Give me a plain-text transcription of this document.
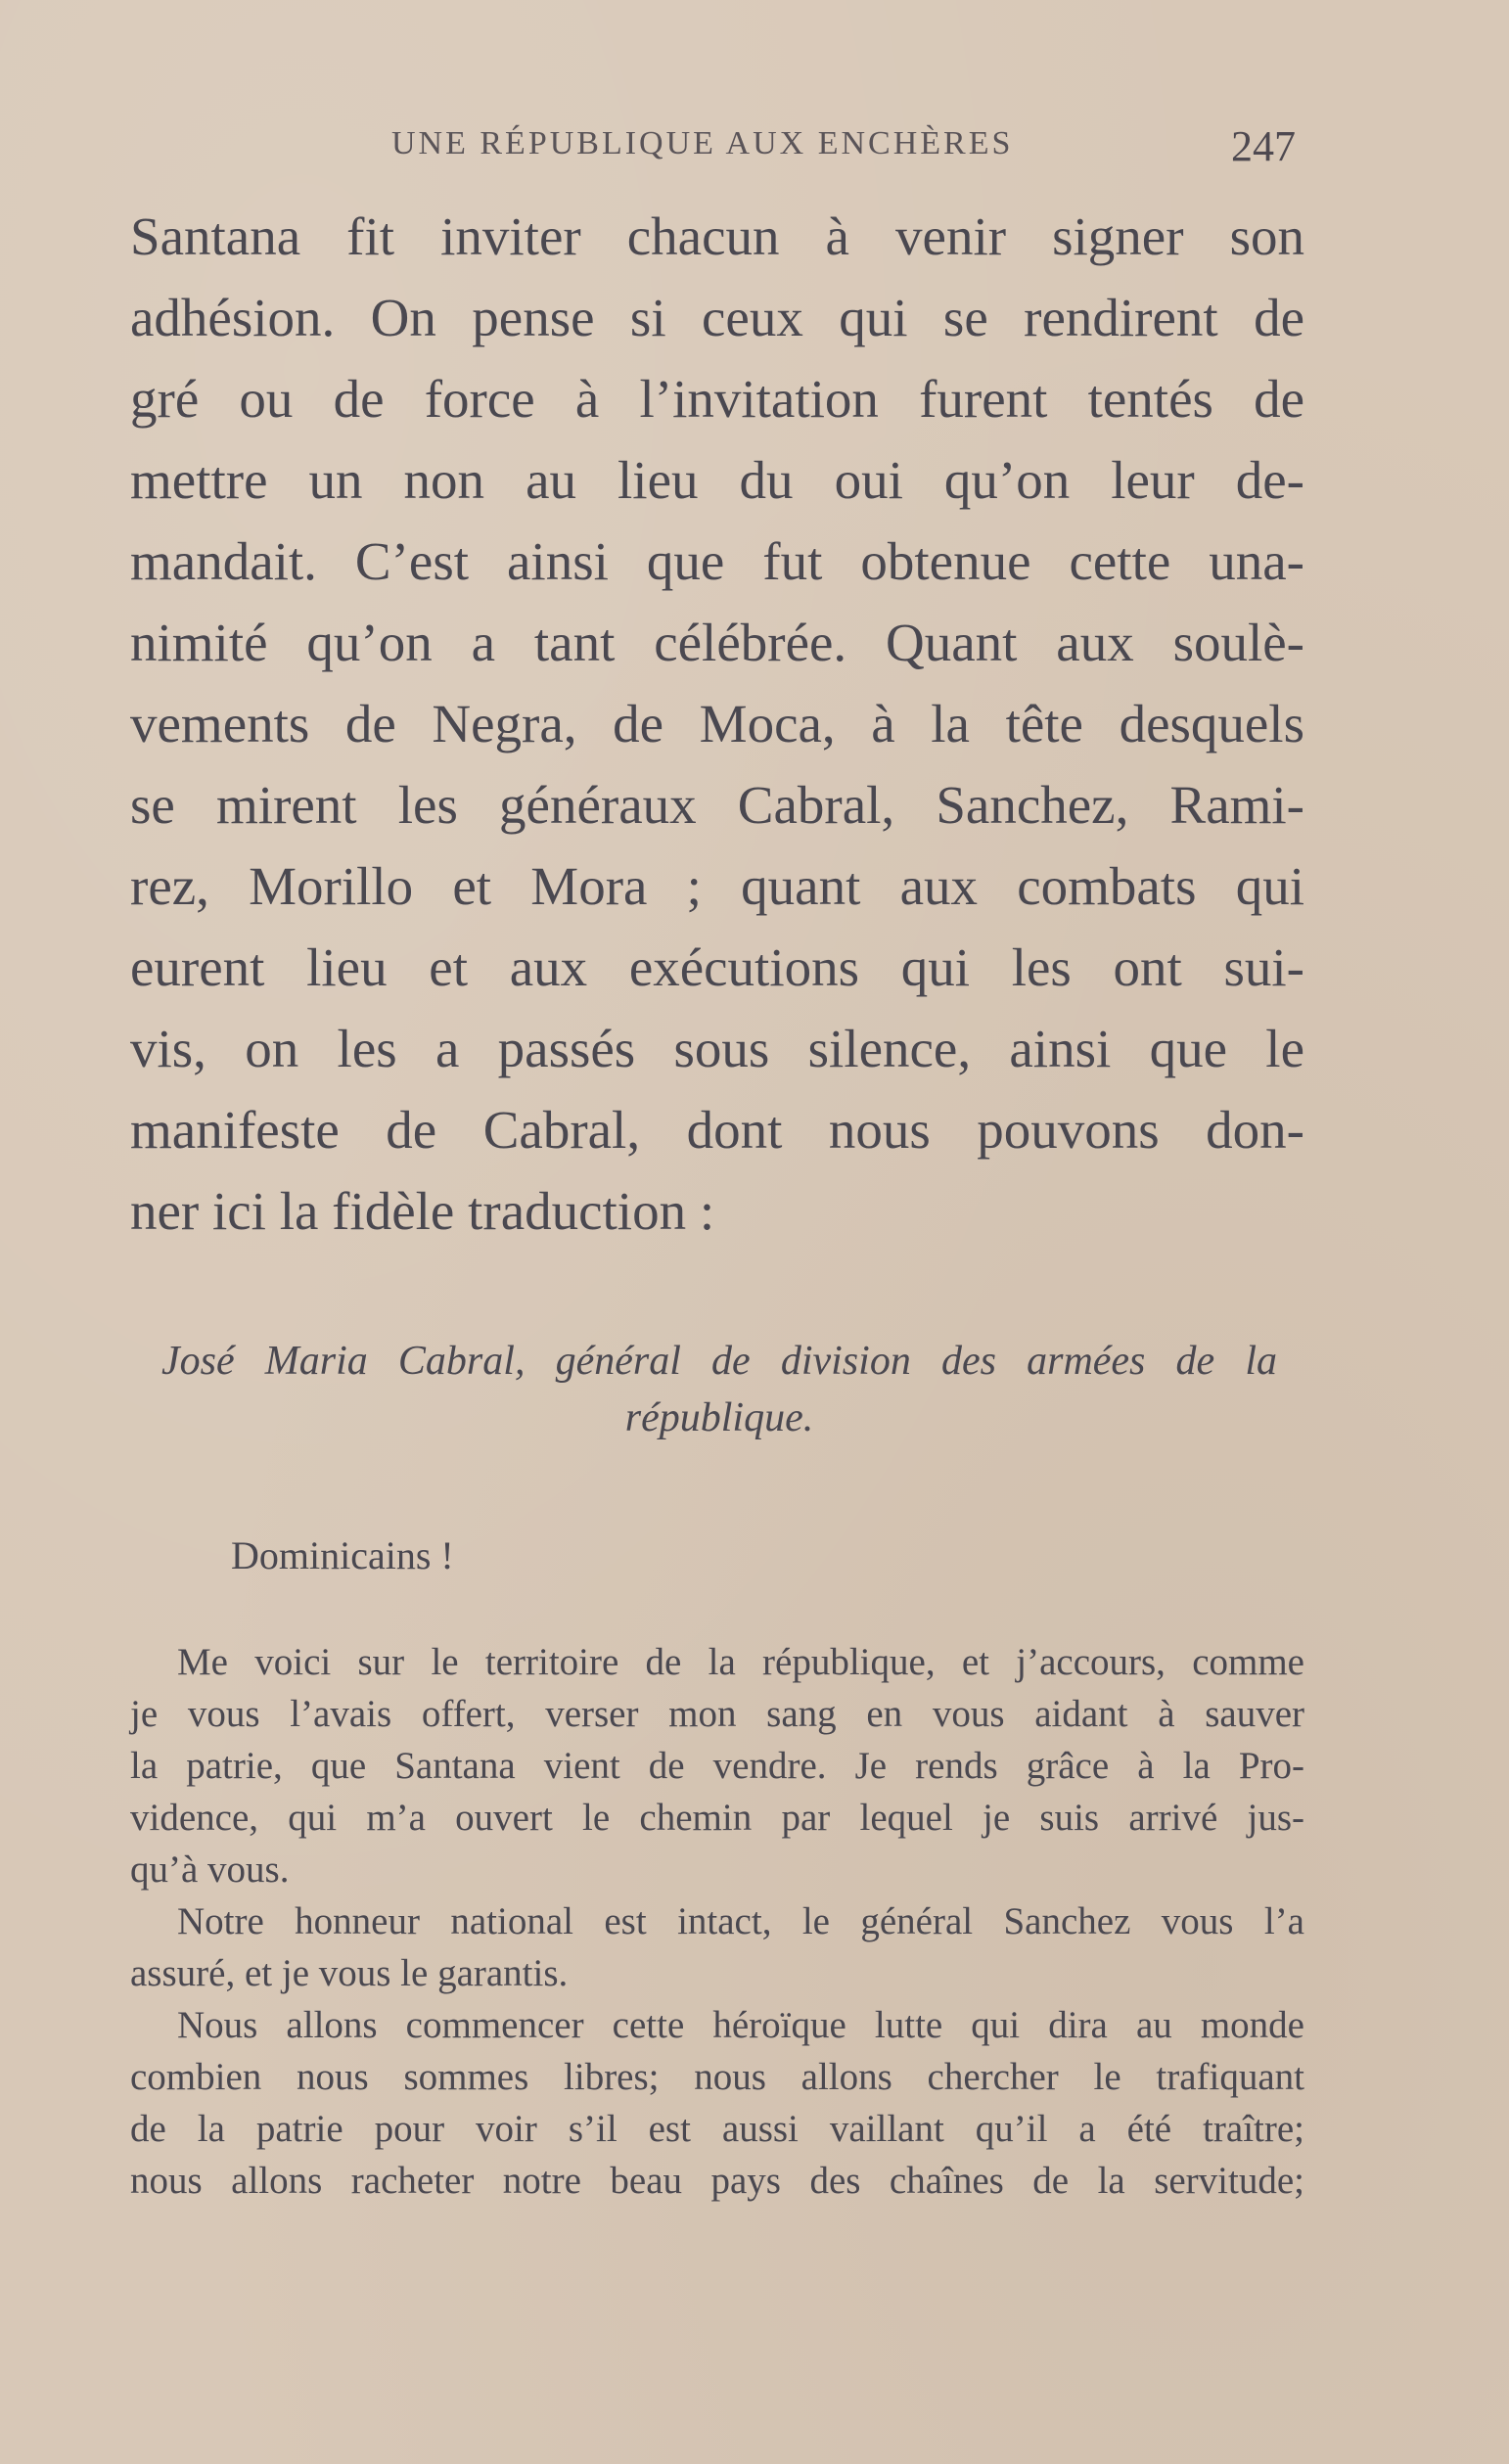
UNE RÉPUBLIQUE AUX ENCHÈRES	247
Santana fit inviter chacun à venir signer son
adhésion. On pense si ceux qui se rendirent de
gré ou de force à l’invitation furent tentés de
mettre un non au lieu du oui qu’on leur de-
mandait. C’est ainsi que fut obtenue cette una-
nimité qu’on a tant célébrée. Quant aux soulè-
vements de Negra, de Moca, à la tête desquels
se mirent les généraux Cabral, Sanchez, Rami-
rez, Morillo et Mora ; quant aux combats qui
eurent lieu et aux exécutions qui les ont sui-
vis, on les a passés sous silence, ainsi que le
manifeste de Cabral, dont nous pouvons don-
ner ici la fidèle traduction :
José Maria Cabral, général de division des armées de la
république.
Dominicains !
Me voici sur le territoire de la république, et j’accours, comme
je vous l’avais offert, verser mon sang en vous aidant à sauver
la patrie, que Santana vient de vendre. Je rends grâce à la Pro-
vidence, qui m’a ouvert le chemin par lequel je suis arrivé jus-
qu’à vous.
Notre honneur national est intact, le général Sanchez vous l’a
assuré, et je vous le garantis.
Nous allons commencer cette héroïque lutte qui dira au monde
combien nous sommes libres; nous allons chercher le trafiquant
de la patrie pour voir s’il est aussi vaillant qu’il a été traître;
nous allons racheter notre beau pays des chaînes de la servitude;
